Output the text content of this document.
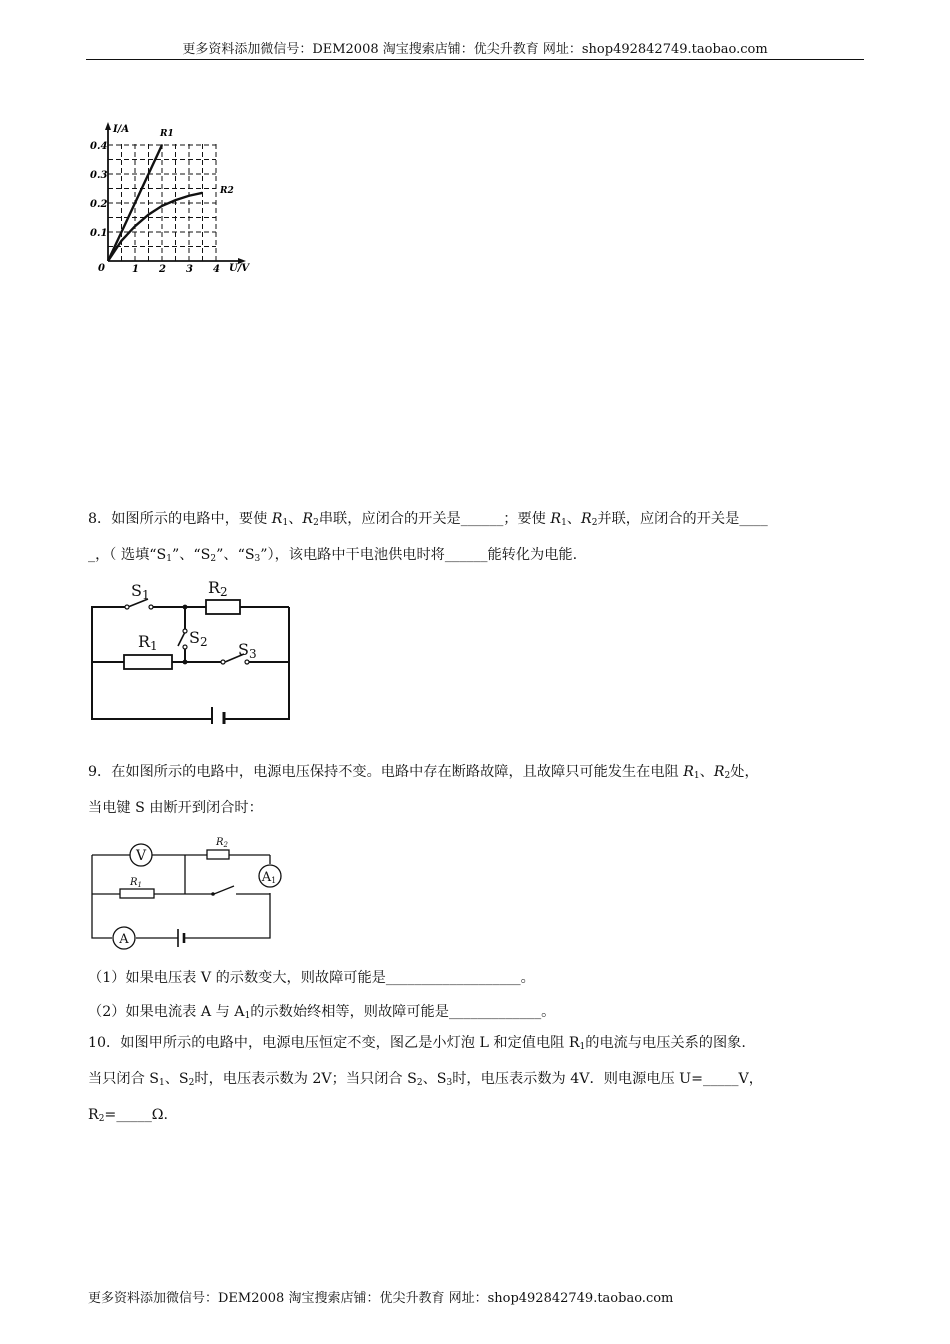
更多资料添加微信号：DEM2008 淘宝搜索店铺：优尖升教育 网址：shop492842749.taobao.com
I/A
U/V
0	1 2 3 4
0.1
0.2
0.3
0.4
R1
R2
8．如图所示的电路中，要使 R1、R2串联，应闭合的开关是______；要使 R1、R2并联，应闭合的开关是____
_，（ 选填“S1”、“S2”、“S3”），该电路中干电池供电时将______能转化为电能.
S1	R2
S2
R1	S3
9．在如图所示的电路中，电源电压保持不变。电路中存在断路故障，且故障只可能发生在电阻 R1、R2处，
当电键 S 由断开到闭合时：
V
A
A1
$R_2$
$R_1$
（1）如果电压表 V 的示数变大，则故障可能是___________________。
（2）如果电流表 A 与 A1的示数始终相等，则故障可能是_____________。
10．如图甲所示的电路中，电源电压恒定不变，图乙是小灯泡 L 和定值电阻 R1的电流与电压关系的图象.
当只闭合 S1、S2时，电压表示数为 2V；当只闭合 S2、S3时，电压表示数为 4V．则电源电压 U=_____V，
R2=_____Ω.
更多资料添加微信号：DEM2008 淘宝搜索店铺：优尖升教育 网址：shop492842749.taobao.com
